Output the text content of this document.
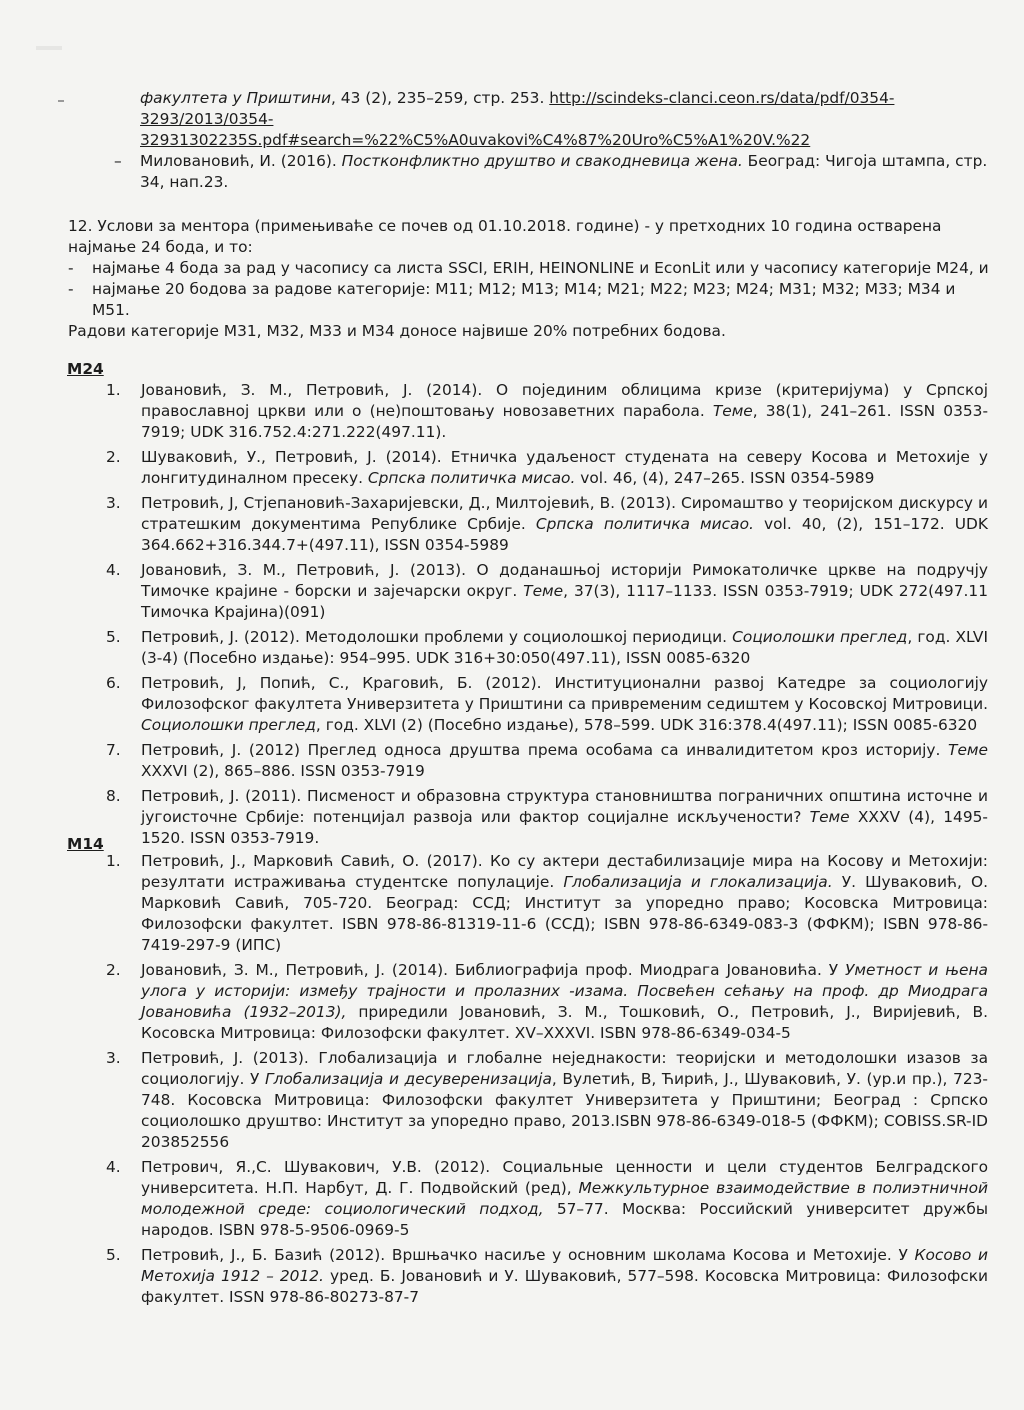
факултета у Приштини, 43 (2), 235–259, стр. 253. http://scindeks-clanci.ceon.rs/data/pdf/0354-
3293/2013/0354-
32931302235S.pdf#search=%22%C5%A0uvakovi%C4%87%20Uro%C5%A1%20V.%22
– Миловановић, И. (2016). Постконфликтно друштво и свакодневица жена. Београд: Чигоја штампа, стр. 34, нап.23.
12. Услови за ментора (примењиваће се почев од 01.10.2018. године) - у претходних 10 година остварена најмање 24 бода, и то:
- најмање 4 бода за рад у часопису са листа SSCI, ERIH, HEINONLINE и EconLit или у часопису категорије М24, и
- најмање 20 бодова за радове категорије: М11; М12; М13; М14; М21; М22; М23; М24; М31; М32; М33; М34 и М51.
Радови категорије М31, М32, М33 и М34 доносе највише 20% потребних бодова.
М24
1. Јовановић, З. М., Петровић, Ј. (2014). О појединим облицима кризе (критеријума) у Српској православној цркви или о (не)поштовању новозаветних парабола. Теме, 38(1), 241–261. ISSN 0353-7919; UDK 316.752.4:271.222(497.11).
2. Шуваковић, У., Петровић, Ј. (2014). Етничка удаљеност студената на северу Косова и Метохије у лонгитудиналном пресеку. Српска политичка мисао. vol. 46, (4), 247–265. ISSN 0354-5989
3. Петровић, Ј, Стјепановић-Захаријевски, Д., Милтојевић, В. (2013). Сиромаштво у теоријском дискурсу и стратешким документима Републике Србије. Српска политичка мисао. vol. 40, (2), 151–172. UDK 364.662+316.344.7+(497.11), ISSN 0354-5989
4. Јовановић, З. М., Петровић, Ј. (2013). О доданашњој историји Римокатоличке цркве на подручју Тимочке крајине - борски и зајечарски округ. Теме, 37(3), 1117–1133. ISSN 0353-7919; UDK 272(497.11 Тимочка Крајина)(091)
5. Петровић, Ј. (2012). Методолошки проблеми у социолошкој периодици. Социолошки преглед, год. XLVI (3-4) (Посебно издање): 954–995. UDK 316+30:050(497.11), ISSN 0085-6320
6. Петровић, Ј, Попић, С., Краговић, Б. (2012). Институционални развој Катедре за социологију Филозофског факултета Универзитета у Приштини са привременим седиштем у Косовској Митровици. Социолошки преглед, год. XLVI (2) (Посебно издање), 578–599. UDK 316:378.4(497.11); ISSN 0085-6320
7. Петровић, Ј. (2012) Преглед односа друштва према особама са инвалидитетом кроз историју. Теме XXXVI (2), 865–886. ISSN 0353-7919
8. Петровић, Ј. (2011). Писменост и образовна структура становништва пограничних општина источне и југоисточне Србије: потенцијал развоја или фактор социјалне искључености? Теме XXXV (4), 1495-1520. ISSN 0353-7919.
М14
1. Петровић, Ј., Марковић Савић, О. (2017). Ко су актери дестабилизације мира на Косову и Метохији: резултати истраживања студентске популације. Глобализација и глокализација. У. Шуваковић, О. Марковић Савић, 705-720. Београд: ССД; Институт за упоредно право; Косовска Митровица: Филозофски факултет. ISBN 978-86-81319-11-6 (ССД); ISBN 978-86-6349-083-3 (ФФКМ); ISBN 978-86-7419-297-9 (ИПС)
2. Јовановић, З. М., Петровић, Ј. (2014). Библиографија проф. Миодрага Јовановића. У Уметност и њена улога у историји: између трајности и пролазних -изама. Посвећен сећању на проф. др Миодрага Јовановића (1932–2013), приредили Јовановић, З. М., Тошковић, О., Петровић, Ј., Виријевић, В. Косовска Митровица: Филозофски факултет. XV–XXXVI. ISBN 978-86-6349-034-5
3. Петровић, Ј. (2013). Глобализација и глобалне неједнакости: теоријски и методолошки изазов за социологију. У Глобализација и десуверенизација, Вулетић, В, Ћирић, Ј., Шуваковић, У. (ур.и пр.), 723-748. Косовска Митровица: Филозофски факултет Универзитета у Приштини; Београд : Српско социолошко друштво: Институт за упоредно право, 2013.ISBN 978-86-6349-018-5 (ФФКМ); COBISS.SR-ID 203852556
4. Петрович, Я.,С. Шувакович, У.В. (2012). Социальные ценности и цели студентов Белградского университета. Н.П. Нарбут, Д. Г. Подвойский (ред), Межкультурное взаимодействие в полиэтничной молодежной среде: социологический подход, 57–77. Москва: Российский университет дружбы народов. ISBN 978-5-9506-0969-5
5. Петровић, Ј., Б. Базић (2012). Вршњачко насиље у основним школама Косова и Метохије. У Косово и Метохија 1912 – 2012. уред. Б. Јовановић и У. Шуваковић, 577–598. Косовска Митровица: Филозофски факултет. ISSN 978-86-80273-87-7
